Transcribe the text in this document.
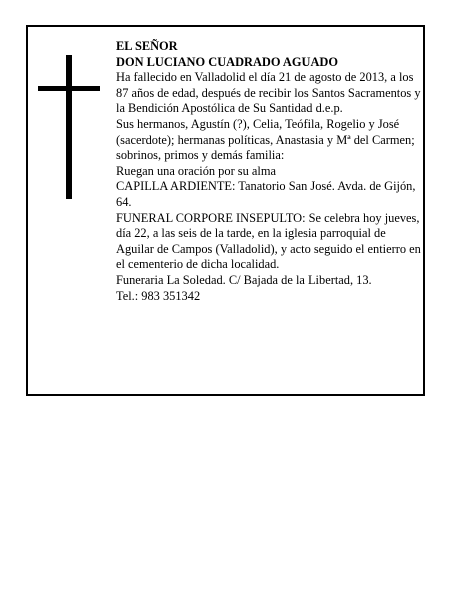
EL SEÑOR

DON LUCIANO CUADRADO AGUADO

Ha fallecido en Valladolid el día 21 de agosto de 2013, a los 87 años de edad, después de recibir los Santos Sacramentos y la Bendición Apostólica de Su Santidad d.e.p.

Sus hermanos, Agustín (?), Celia, Teófila, Rogelio y José (sacerdote); hermanas políticas, Anastasia y Mª del Carmen; sobrinos, primos y demás familia:

Ruegan una oración por su alma

CAPILLA ARDIENTE: Tanatorio San José. Avda. de Gijón, 64.

FUNERAL CORPORE INSEPULTO: Se celebra hoy jueves, día 22, a las seis de la tarde, en la iglesia parroquial de Aguilar de Campos (Valladolid), y acto seguido el entierro en el cementerio de dicha localidad.

Funeraria La Soledad. C/ Bajada de la Libertad, 13.

Tel.: 983 351342
